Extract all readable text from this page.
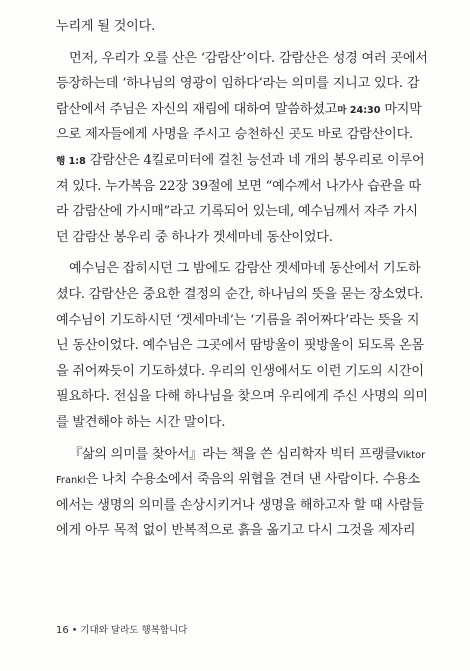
누리게 될 것이다.
먼저, 우리가 오를 산은 ‘감람산’이다. 감람산은 성경 여러 곳에서
등장하는데 ‘하나님의 영광이 임하다’라는 의미를 지니고 있다. 감
람산에서 주님은 자신의 재림에 대하여 말씀하셨고마 24:30 마지막
으로 제자들에게 사명을 주시고 승천하신 곳도 바로 감람산이다.
행 1:8 감람산은 4킬로미터에 걸친 능선과 네 개의 봉우리로 이루어
져 있다. 누가복음 22장 39절에 보면 “예수께서 나가사 습관을 따
라 감람산에 가시매”라고 기록되어 있는데, 예수님께서 자주 가시
던 감람산 봉우리 중 하나가 겟세마네 동산이었다.
예수님은 잡히시던 그 밤에도 감람산 겟세마네 동산에서 기도하
셨다. 감람산은 중요한 결정의 순간, 하나님의 뜻을 묻는 장소였다.
예수님이 기도하시던 ‘겟세마네’는 ‘기름을 쥐어짜다’라는 뜻을 지
닌 동산이었다. 예수님은 그곳에서 땀방울이 핏방울이 되도록 온몸
을 쥐어짜듯이 기도하셨다. 우리의 인생에서도 이런 기도의 시간이
필요하다. 전심을 다해 하나님을 찾으며 우리에게 주신 사명의 의미
를 발견해야 하는 시간 말이다.
『삶의 의미를 찾아서』라는 책을 쓴 심리학자 빅터 프랭클Viktor
Frankl은 나치 수용소에서 죽음의 위협을 견뎌 낸 사람이다. 수용소
에서는 생명의 의미를 손상시키거나 생명을 해하고자 할 때 사람들
에게 아무 목적 없이 반복적으로 흙을 옮기고 다시 그것을 제자리
16 • 기대와 달라도 행복합니다
